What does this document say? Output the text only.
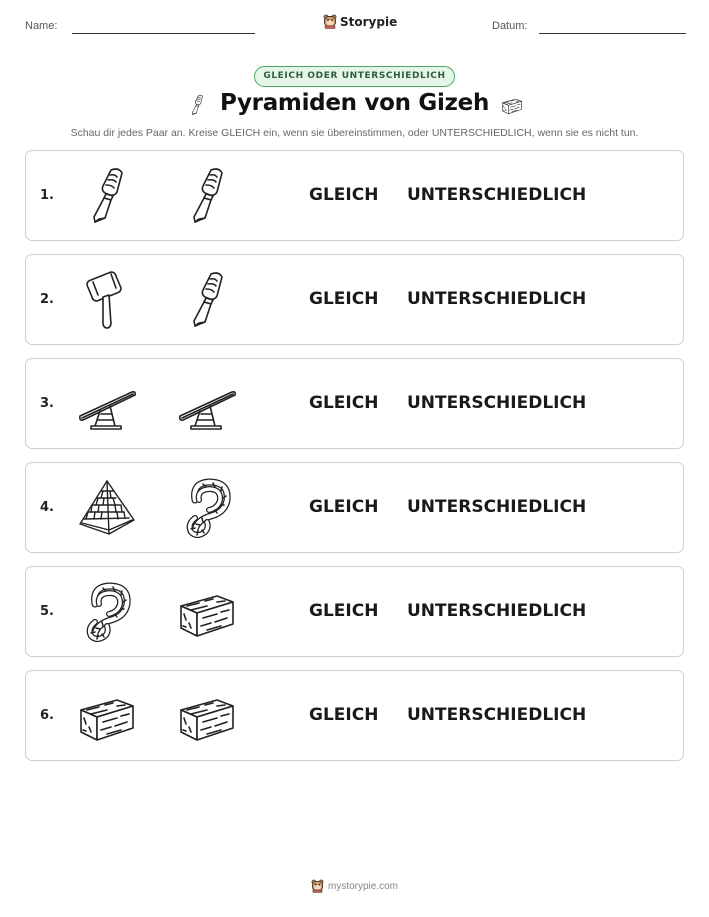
Name:	Storypie	Datum:
GLEICH ODER UNTERSCHIEDLICH
Pyramiden von Gizeh
Schau dir jedes Paar an. Kreise GLEICH ein, wenn sie übereinstimmen, oder UNTERSCHIEDLICH, wenn sie es nicht tun.
1.	GLEICH UNTERSCHIEDLICH
2.	GLEICH UNTERSCHIEDLICH
3.	GLEICH UNTERSCHIEDLICH
4.	GLEICH UNTERSCHIEDLICH
5.	GLEICH UNTERSCHIEDLICH
6.	GLEICH UNTERSCHIEDLICH
mystorypie.com
